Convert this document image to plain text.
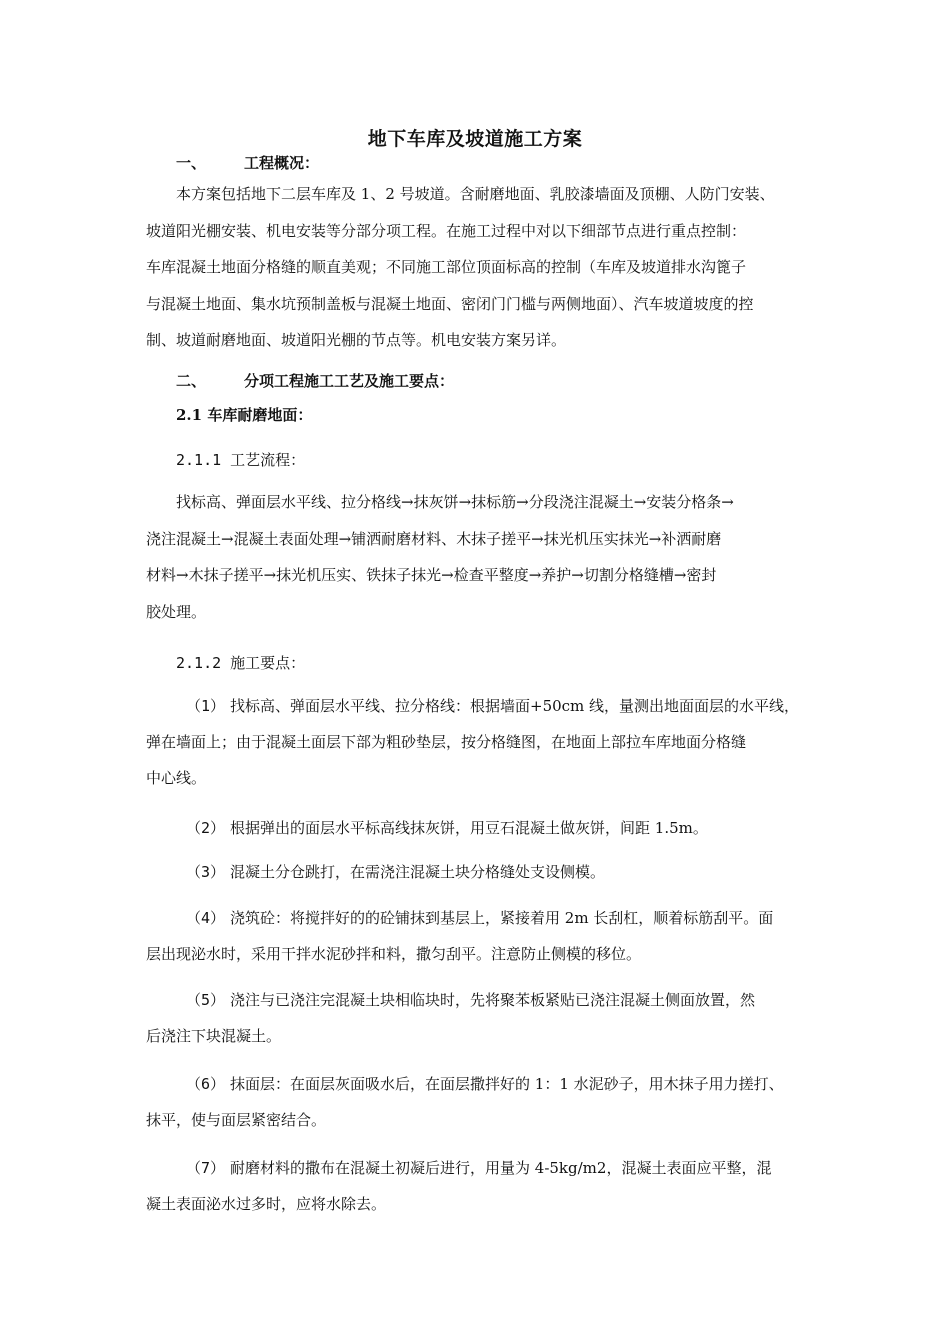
地下车库及坡道施工方案
一、	工程概况：
本方案包括地下二层车库及 1、2 号坡道。含耐磨地面、乳胶漆墙面及顶棚、人防门安装、
坡道阳光棚安装、机电安装等分部分项工程。在施工过程中对以下细部节点进行重点控制：
车库混凝土地面分格缝的顺直美观；不同施工部位顶面标高的控制（车库及坡道排水沟篦子
与混凝土地面、集水坑预制盖板与混凝土地面、密闭门门槛与两侧地面）、汽车坡道坡度的控
制、坡道耐磨地面、坡道阳光棚的节点等。机电安装方案另详。
二、	分项工程施工工艺及施工要点：
2.1 车库耐磨地面：
2.1.1 工艺流程：
找标高、弹面层水平线、拉分格线→抹灰饼→抹标筋→分段浇注混凝土→安装分格条→
浇注混凝土→混凝土表面处理→铺洒耐磨材料、木抹子搓平→抹光机压实抹光→补洒耐磨
材料→木抹子搓平→抹光机压实、铁抹子抹光→检查平整度→养护→切割分格缝槽→密封
胶处理。
2.1.2 施工要点：
（1） 找标高、弹面层水平线、拉分格线：根据墙面+50cm 线，量测出地面面层的水平线，
弹在墙面上；由于混凝土面层下部为粗砂垫层，按分格缝图，在地面上部拉车库地面分格缝
中心线。
（2） 根据弹出的面层水平标高线抹灰饼，用豆石混凝土做灰饼，间距 1.5m。
（3） 混凝土分仓跳打，在需浇注混凝土块分格缝处支设侧模。
（4） 浇筑砼：将搅拌好的的砼铺抹到基层上，紧接着用 2m 长刮杠，顺着标筋刮平。面
层出现泌水时，采用干拌水泥砂拌和料，撒匀刮平。注意防止侧模的移位。
（5） 浇注与已浇注完混凝土块相临块时，先将聚苯板紧贴已浇注混凝土侧面放置，然
后浇注下块混凝土。
（6） 抹面层：在面层灰面吸水后，在面层撒拌好的 1：1 水泥砂子，用木抹子用力搓打、
抹平，使与面层紧密结合。
（7） 耐磨材料的撒布在混凝土初凝后进行，用量为 4-5kg/m2，混凝土表面应平整，混
凝土表面泌水过多时，应将水除去。
